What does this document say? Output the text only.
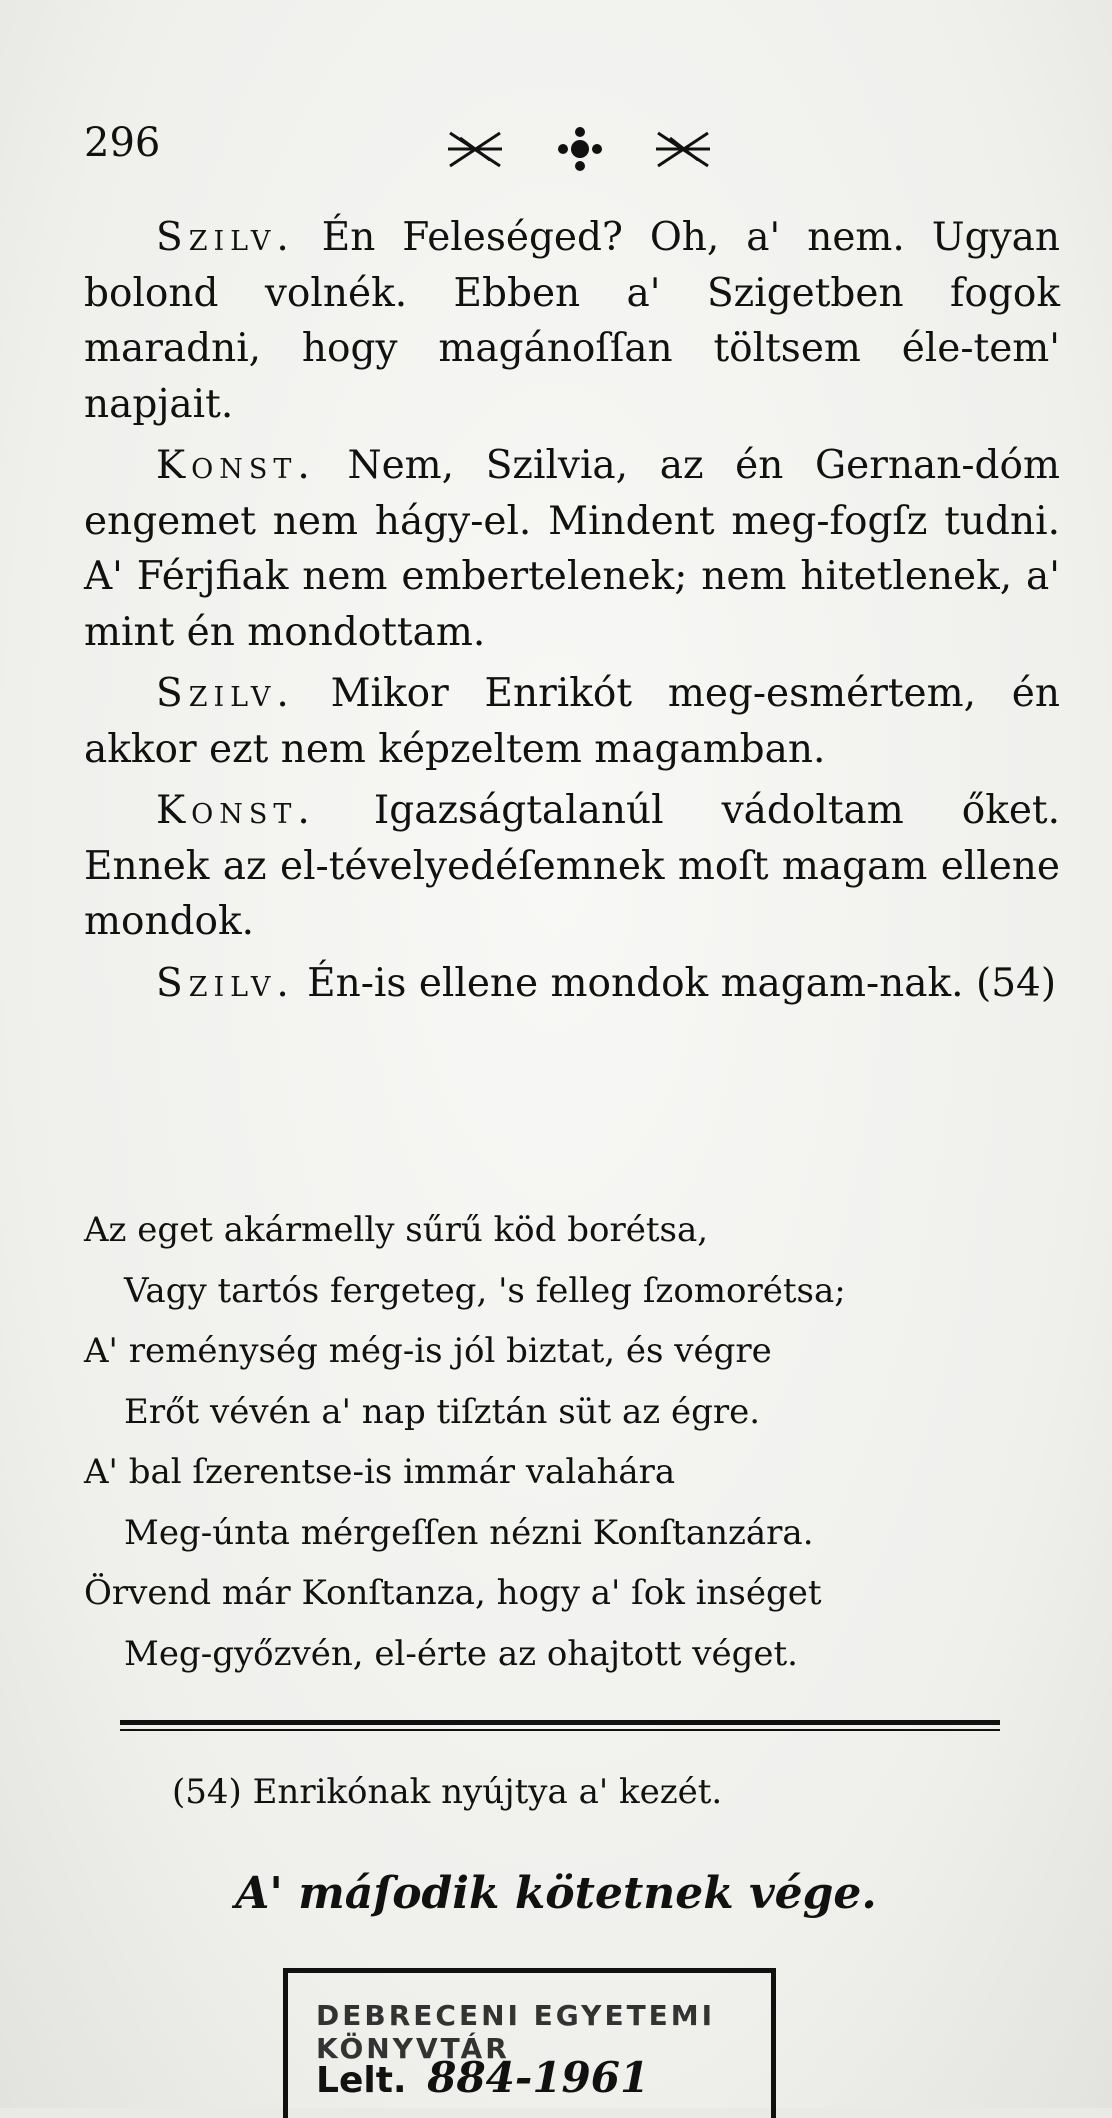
296

Szilv. Én Feleséged? Oh, a' nem. Ugyan bolond volnék. Ebben a' Szigetben fogok maradni, hogy magánoſſan töltsem éle-tem' napjait.

Konst. Nem, Szilvia, az én Gernan-dóm engemet nem hágy-el. Mindent meg-fogſz tudni. A' Férjfiak nem embertelenek; nem hitetlenek, a' mint én mondottam.

Szilv. Mikor Enrikót meg-esmértem, én akkor ezt nem képzeltem magamban.

Konst. Igazságtalanúl vádoltam őket. Ennek az el-tévelyedéſemnek moſt magam ellene mondok.

Szilv. Én-is ellene mondok magam-nak. (54)

Az eget akármelly sűrű köd borétsa,
Vagy tartós fergeteg, 's felleg ſzomorétsa;
A' reménység még-is jól biztat, és végre
Erőt vévén a' nap tiſztán süt az égre.
A' bal ſzerentse-is immár valahára
Meg-únta mérgeſſen nézni Konſtanzára.
Örvend már Konſtanza, hogy a' ſok inséget
Meg-győzvén, el-érte az ohajtott véget.
(54) Enrikónak nyújtya a' kezét.
A' máſodik kötetnek vége.
DEBRECENI EGYETEMI KÖNYVTÁR
Lelt. 884-1961
